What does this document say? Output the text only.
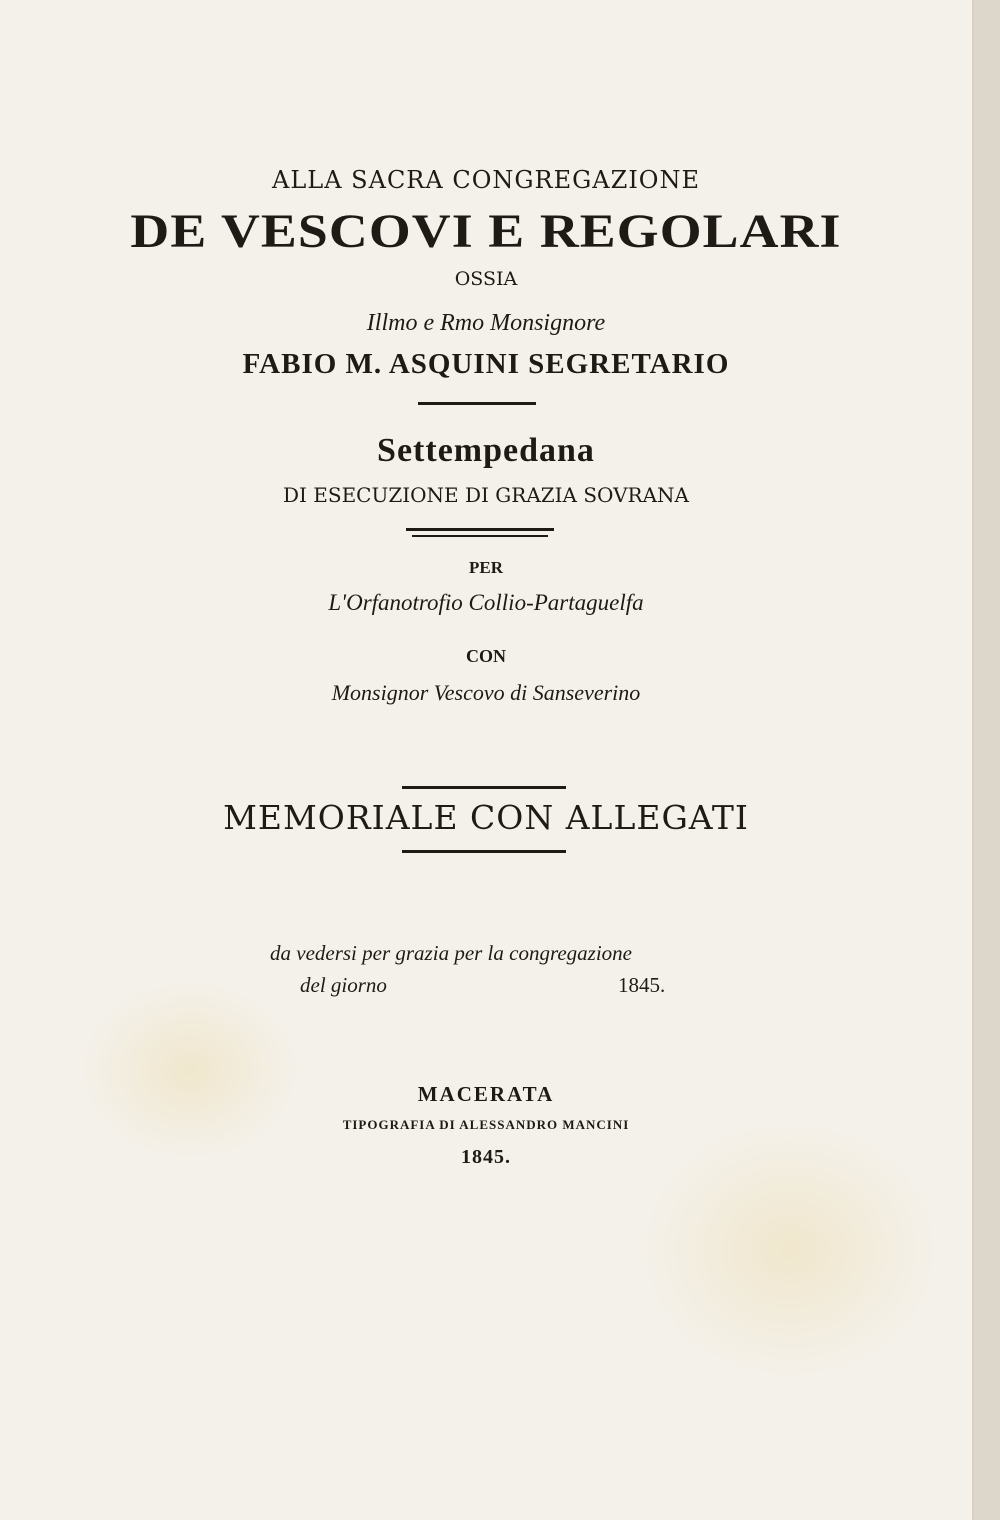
ALLA SACRA CONGREGAZIONE
DE VESCOVI E REGOLARI
OSSIA
Illmo e Rmo Monsignore
FABIO M. ASQUINI SEGRETARIO
Settempedana
DI ESECUZIONE DI GRAZIA SOVRANA
PER
L'Orfanotrofio Collio-Partaguelfa
CON
Monsignor Vescovo di Sanseverino
MEMORIALE CON ALLEGATI
da vedersi per grazia per la congregazione
del giorno	1845.
MACERATA
TIPOGRAFIA DI ALESSANDRO MANCINI
1845.
